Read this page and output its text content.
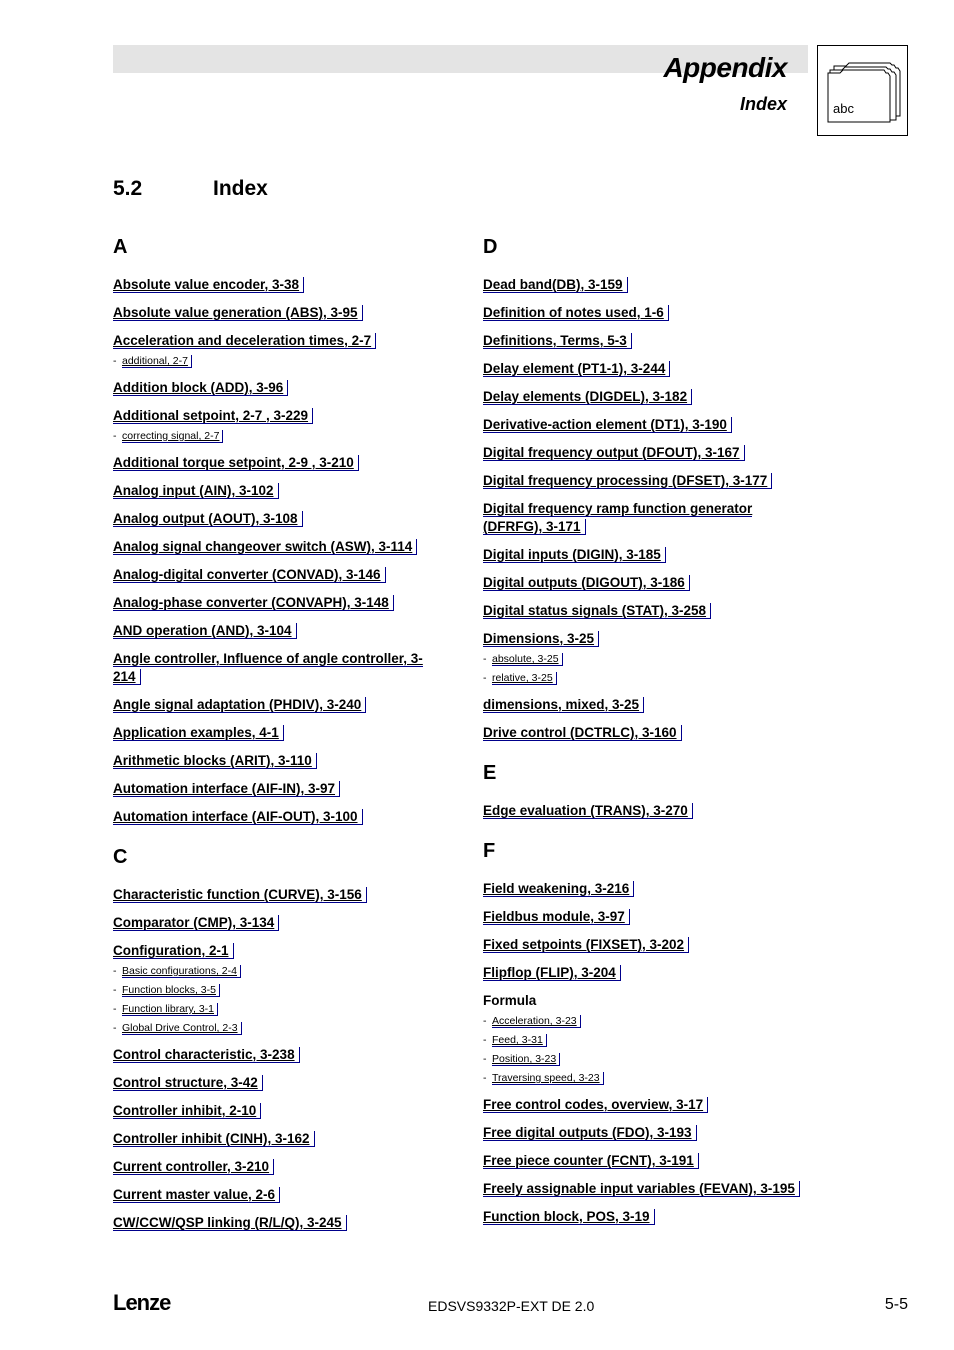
Appendix
Index	abc
5.2	Index
A
Absolute value encoder, 3-38
Absolute value generation (ABS), 3-95
Acceleration and deceleration times, 2-7
- additional, 2-7
Addition block (ADD), 3-96
Additional setpoint, 2-7 , 3-229
- correcting signal, 2-7
Additional torque setpoint, 2-9 , 3-210
Analog input (AIN), 3-102
Analog output (AOUT), 3-108
Analog signal changeover switch (ASW), 3-114
Analog-digital converter (CONVAD), 3-146
Analog-phase converter (CONVAPH), 3-148
AND operation (AND), 3-104
Angle controller, Influence of angle controller, 3-214
Angle signal adaptation (PHDIV), 3-240
Application examples, 4-1
Arithmetic blocks (ARIT), 3-110
Automation interface (AIF-IN), 3-97
Automation interface (AIF-OUT), 3-100
C
Characteristic function (CURVE), 3-156
Comparator (CMP), 3-134
Configuration, 2-1
- Basic configurations, 2-4
- Function blocks, 3-5
- Function library, 3-1
- Global Drive Control, 2-3
Control characteristic, 3-238
Control structure, 3-42
Controller inhibit, 2-10
Controller inhibit (CINH), 3-162
Current controller, 3-210
Current master value, 2-6
CW/CCW/QSP linking (R/L/Q), 3-245
D
Dead band(DB), 3-159
Definition of notes used, 1-6
Definitions, Terms, 5-3
Delay element (PT1-1), 3-244
Delay elements (DIGDEL), 3-182
Derivative-action element (DT1), 3-190
Digital frequency output (DFOUT), 3-167
Digital frequency processing (DFSET), 3-177
Digital frequency ramp function generator (DFRFG), 3-171
Digital inputs (DIGIN), 3-185
Digital outputs (DIGOUT), 3-186
Digital status signals (STAT), 3-258
Dimensions, 3-25
- absolute, 3-25
- relative, 3-25
dimensions, mixed, 3-25
Drive control (DCTRLC), 3-160
E
Edge evaluation (TRANS), 3-270
F
Field weakening, 3-216
Fieldbus module, 3-97
Fixed setpoints (FIXSET), 3-202
Flipflop (FLIP), 3-204
Formula
- Acceleration, 3-23
- Feed, 3-31
- Position, 3-23
- Traversing speed, 3-23
Free control codes, overview, 3-17
Free digital outputs (FDO), 3-193
Free piece counter (FCNT), 3-191
Freely assignable input variables (FEVAN), 3-195
Function block, POS, 3-19
Lenze	EDSVS9332P-EXT DE 2.0	5-5
